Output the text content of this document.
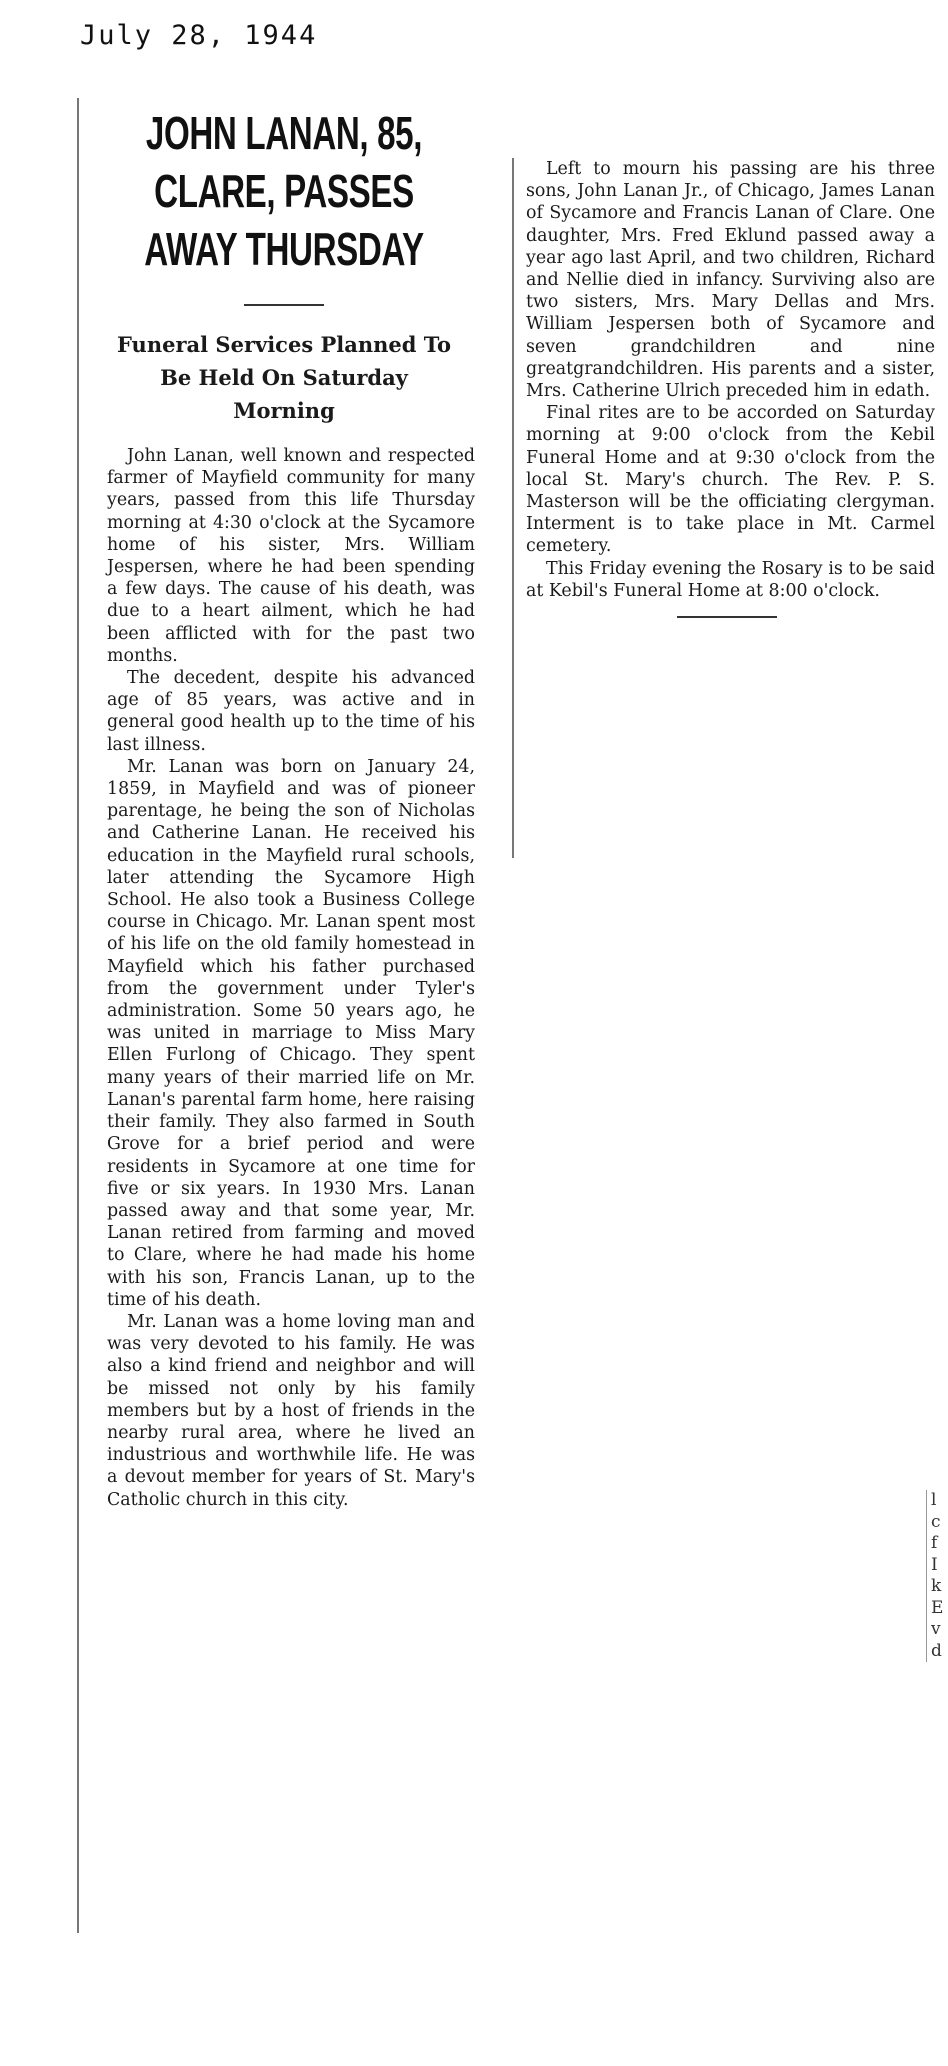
July 28, 1944
JOHN LANAN, 85,
CLARE, PASSES
AWAY THURSDAY
Funeral Services Planned To
Be Held On Saturday
Morning

John Lanan, well known and respected farmer of Mayfield community for many years, passed from this life Thursday morning at 4:30 o'clock at the Sycamore home of his sister, Mrs. William Jespersen, where he had been spending a few days. The cause of his death, was due to a heart ailment, which he had been afflicted with for the past two months.

The decedent, despite his advanced age of 85 years, was active and in general good health up to the time of his last illness.

Mr. Lanan was born on January 24, 1859, in Mayfield and was of pioneer parentage, he being the son of Nicholas and Catherine Lanan. He received his education in the Mayfield rural schools, later attending the Sycamore High School. He also took a Business College course in Chicago. Mr. Lanan spent most of his life on the old family homestead in Mayfield which his father purchased from the government under Tyler's administration. Some 50 years ago, he was united in marriage to Miss Mary Ellen Furlong of Chicago. They spent many years of their married life on Mr. Lanan's parental farm home, here raising their family. They also farmed in South Grove for a brief period and were residents in Sycamore at one time for five or six years. In 1930 Mrs. Lanan passed away and that some year, Mr. Lanan retired from farming and moved to Clare, where he had made his home with his son, Francis Lanan, up to the time of his death.

Mr. Lanan was a home loving man and was very devoted to his family. He was also a kind friend and neighbor and will be missed not only by his family members but by a host of friends in the nearby rural area, where he lived an industrious and worthwhile life. He was a devout member for years of St. Mary's Catholic church in this city.

Left to mourn his passing are his three sons, John Lanan Jr., of Chicago, James Lanan of Sycamore and Francis Lanan of Clare. One daughter, Mrs. Fred Eklund passed away a year ago last April, and two children, Richard and Nellie died in infancy. Surviving also are two sisters, Mrs. Mary Dellas and Mrs. William Jespersen both of Sycamore and seven grandchildren and nine greatgrandchildren. His parents and a sister, Mrs. Catherine Ulrich preceded him in edath.

Final rites are to be accorded on Saturday morning at 9:00 o'clock from the Kebil Funeral Home and at 9:30 o'clock from the local St. Mary's church. The Rev. P. S. Masterson will be the officiating clergyman. Interment is to take place in Mt. Carmel cemetery.

This Friday evening the Rosary is to be said at Kebil's Funeral Home at 8:00 o'clock.

l
c
f
I
k
E
v
d
